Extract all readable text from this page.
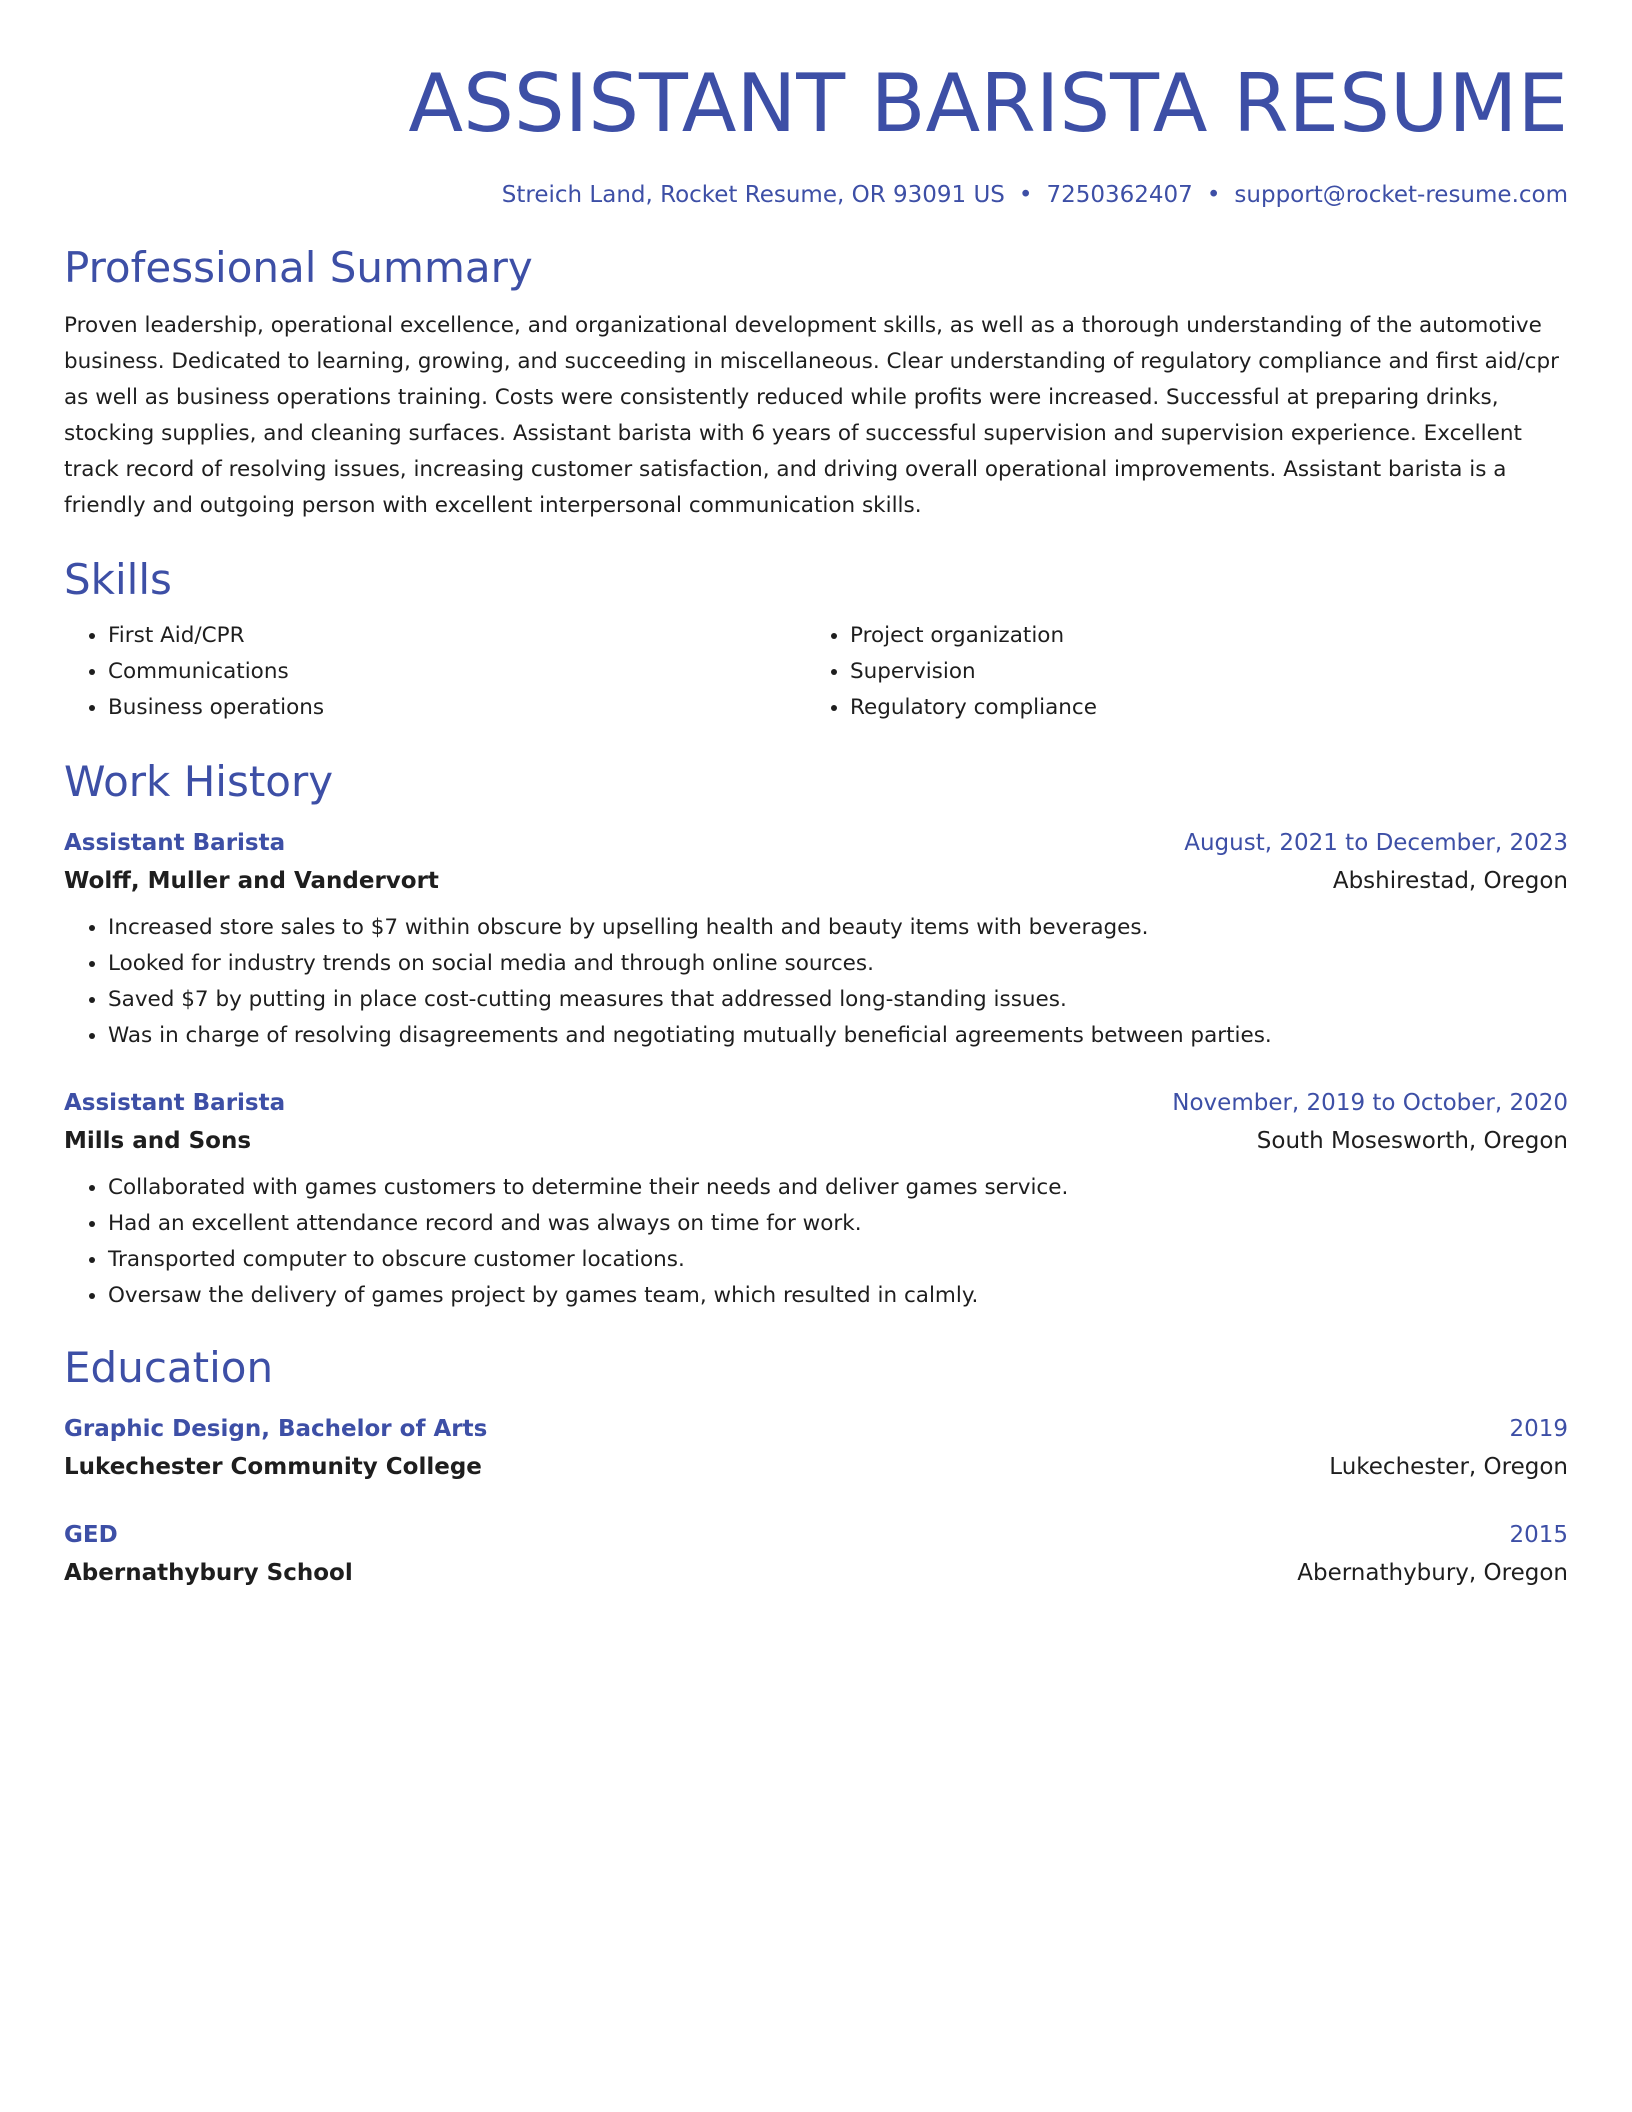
ASSISTANT BARISTA RESUME
Streich Land, Rocket Resume, OR 93091 US • 7250362407 • support@rocket-resume.com
Professional Summary
Proven leadership, operational excellence, and organizational development skills, as well as a thorough understanding of the automotive business. Dedicated to learning, growing, and succeeding in miscellaneous. Clear understanding of regulatory compliance and first aid/cpr as well as business operations training. Costs were consistently reduced while profits were increased. Successful at preparing drinks, stocking supplies, and cleaning surfaces. Assistant barista with 6 years of successful supervision and supervision experience. Excellent track record of resolving issues, increasing customer satisfaction, and driving overall operational improvements. Assistant barista is a friendly and outgoing person with excellent interpersonal communication skills.
Skills
• First Aid/CPR
• Communications
• Business operations
• Project organization
• Supervision
• Regulatory compliance
Work History
Assistant Barista	August, 2021 to December, 2023
Wolff, Muller and Vandervort	Abshirestad, Oregon
• Increased store sales to $7 within obscure by upselling health and beauty items with beverages.
• Looked for industry trends on social media and through online sources.
• Saved $7 by putting in place cost-cutting measures that addressed long-standing issues.
• Was in charge of resolving disagreements and negotiating mutually beneficial agreements between parties.
Assistant Barista	November, 2019 to October, 2020
Mills and Sons	South Mosesworth, Oregon
• Collaborated with games customers to determine their needs and deliver games service.
• Had an excellent attendance record and was always on time for work.
• Transported computer to obscure customer locations.
• Oversaw the delivery of games project by games team, which resulted in calmly.
Education
Graphic Design, Bachelor of Arts	2019
Lukechester Community College	Lukechester, Oregon
GED	2015
Abernathybury School	Abernathybury, Oregon
